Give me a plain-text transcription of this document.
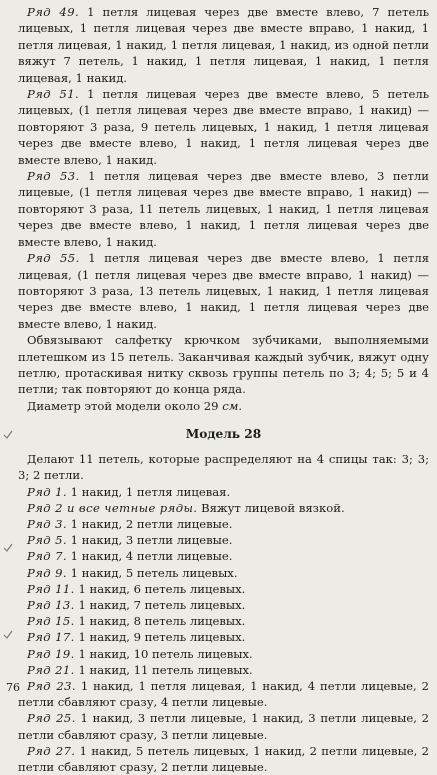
Ряд 49. 1 петля лицевая через две вместе влево, 7 петель лицевых, 1 петля лицевая через две вместе вправо, 1 накид, 1 петля лицевая, 1 накид, 1 петля лицевая, 1 накид, из одной петли вяжут 7 петель, 1 накид, 1 петля лицевая, 1 накид, 1 петля лицевая, 1 накид.

Ряд 51. 1 петля лицевая через две вместе влево, 5 петель лицевых, (1 петля лицевая через две вместе вправо, 1 накид) — повторяют 3 раза, 9 петель лицевых, 1 накид, 1 петля лицевая через две вместе влево, 1 накид, 1 петля лицевая через две вместе влево, 1 накид.

Ряд 53. 1 петля лицевая через две вместе влево, 3 петли лицевые, (1 петля лицевая через две вместе вправо, 1 накид) — повторяют 3 раза, 11 петель лицевых, 1 накид, 1 петля лицевая через две вместе влево, 1 накид, 1 петля лицевая через две вместе влево, 1 накид.

Ряд 55. 1 петля лицевая через две вместе влево, 1 петля лицевая, (1 петля лицевая через две вместе вправо, 1 накид) — повторяют 3 раза, 13 петель лицевых, 1 накид, 1 петля лицевая через две вместе влево, 1 накид, 1 петля лицевая через две вместе влево, 1 накид.

Обвязывают салфетку крючком зубчиками, выполняемыми плетешком из 15 петель. Заканчивая каждый зубчик, вяжут одну петлю, протаскивая нитку сквозь группы петель по 3; 4; 5; 5 и 4 петли; так повторяют до конца ряда.

Диаметр этой модели около 29 см.

Модель 28

Делают 11 петель, которые распределяют на 4 спицы так: 3; 3; 3; 2 петли.

Ряд 1. 1 накид, 1 петля лицевая.

Ряд 2 и все четные ряды. Вяжут лицевой вязкой.

Ряд 3. 1 накид, 2 петли лицевые.

Ряд 5. 1 накид, 3 петли лицевые.

Ряд 7. 1 накид, 4 петли лицевые.

Ряд 9. 1 накид, 5 петель лицевых.

Ряд 11. 1 накид, 6 петель лицевых.

Ряд 13. 1 накид, 7 петель лицевых.

Ряд 15. 1 накид, 8 петель лицевых.

Ряд 17. 1 накид, 9 петель лицевых.

Ряд 19. 1 накид, 10 петель лицевых.

Ряд 21. 1 накид, 11 петель лицевых.

Ряд 23. 1 накид, 1 петля лицевая, 1 накид, 4 петли лицевые, 2 петли сбавляют сразу, 4 петли лицевые.

Ряд 25. 1 накид, 3 петли лицевые, 1 накид, 3 петли лицевые, 2 петли сбавляют сразу, 3 петли лицевые.

Ряд 27. 1 накид, 5 петель лицевых, 1 накид, 2 петли лицевые, 2 петли сбавляют сразу, 2 петли лицевые.

76
